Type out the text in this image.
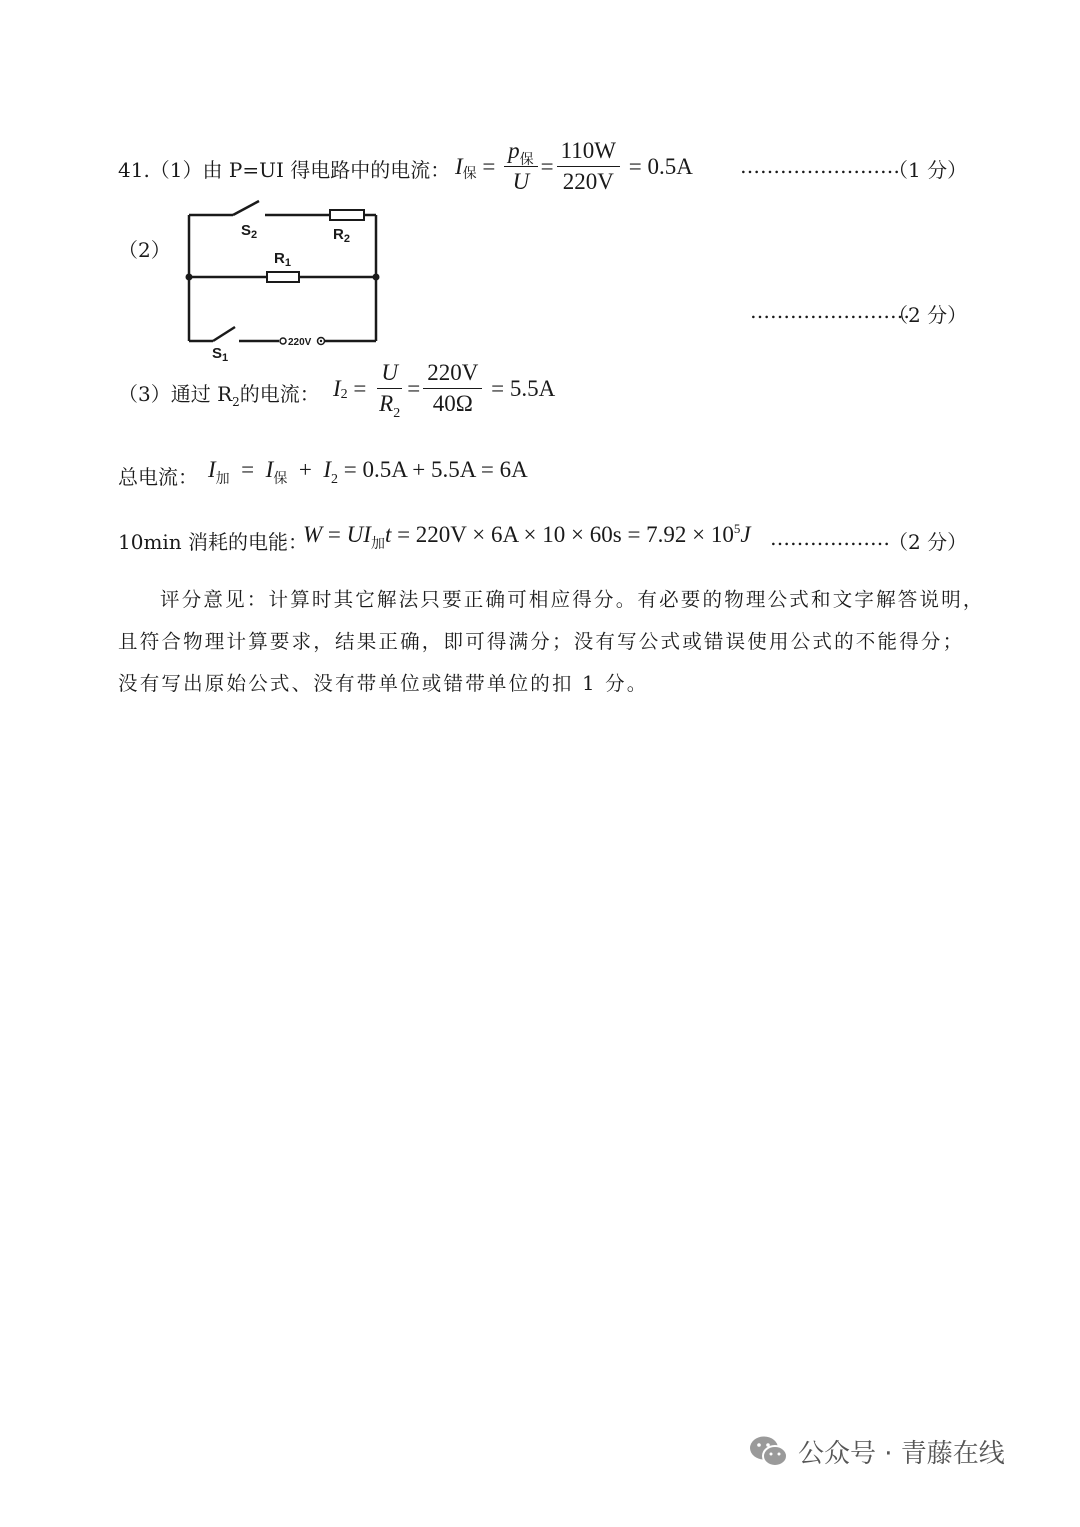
41.（1）由 P=UI 得电路中的电流： I 保 = $\frac{p_保}{U} = \frac{110W}{220V} = 0.5A$ ……………………
（1 分）
（2）
$S_2$	$R_2$
$R_1$
$S_1$
220V
……………………
（2 分）
（3）通过 $R_2$的电流： I $2 = \frac{U}{R_2} = \frac{220V}{40\Omega} = 5.5A$
总电流： $I_加 = I_保 + I_2 = 0.5A + 5.5A = 6A$
10min 消耗的电能：
$W = UI_加t = 220V \times 6A \times 10 \times 60s = 7.92 \times 10^5J$ ………………
（2 分）
评分意见：计算时其它解法只要正确可相应得分。有必要的物理公式和文字解答说明，
且符合物理计算要求，结果正确，即可得满分；没有写公式或错误使用公式的不能得分；
没有写出原始公式、没有带单位或错带单位的扣 1 分。
公众号 · 青藤在线
